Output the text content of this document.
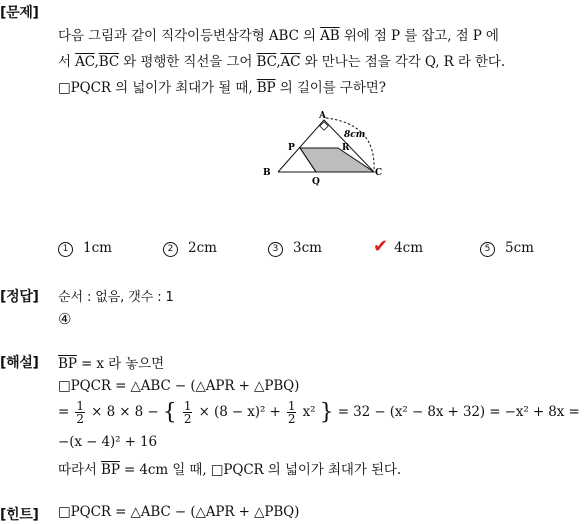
[문제]
다음 그림과 같이 직각이등변삼각형 ABC 의 $\overline{AB}$ 위에 점 P 를 잡고, 점 P 에
서 $\overline{AC},\overline{BC}$ 와 평행한 직선을 그어 $\overline{BC},\overline{AC}$ 와 만나는 점을 각각 Q, R 라 한다.
□PQCR 의 넓이가 최대가 될 때, $\overline{BP}$ 의 길이를 구하면?
A
B	C
P
Q
R
8cm
1 1cm	2 2cm	3 3cm	✔ 4cm	5 5cm
[정답] 순서 : 없음, 갯수 : 1
④
[해설] $\overline{BP} = x$ 라 놓으면
□PQCR = △ABC − (△APR + △PBQ)
= $\frac{1}{2} \times 8 \times 8$ − { $\frac{1}{2} \times (8 - x)^2 + \frac{1}{2} x^2$ } = 32 − (x² − 8x + 32) = −x² + 8x =
−(x − 4)² + 16
따라서 $\overline{BP} = 4cm$ 일 때, □PQCR 의 넓이가 최대가 된다.
[힌트] □PQCR = △ABC − (△APR + △PBQ)
